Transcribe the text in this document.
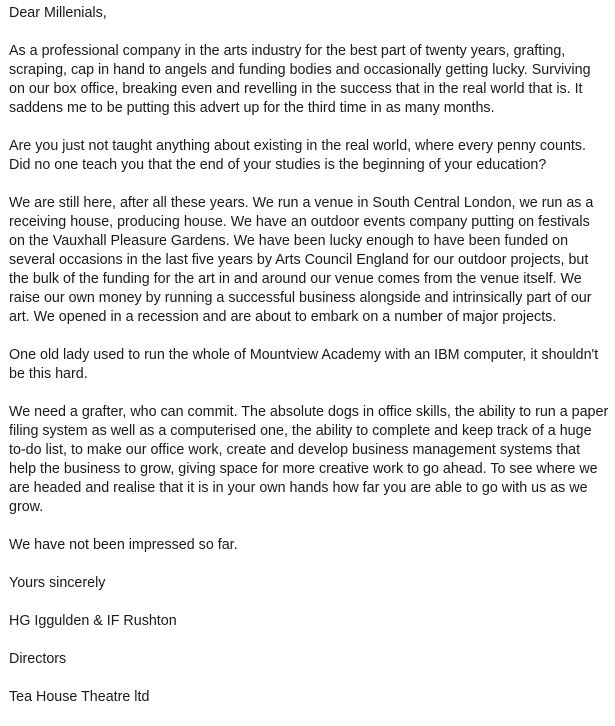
Dear Millenials,

As a professional company in the arts industry for the best part of twenty years, grafting, scraping, cap in hand to angels and funding bodies and occasionally getting lucky. Surviving on our box office, breaking even and revelling in the success that in the real world that is. It saddens me to be putting this advert up for the third time in as many months.

Are you just not taught anything about existing in the real world, where every penny counts. Did no one teach you that the end of your studies is the beginning of your education?

We are still here, after all these years. We run a venue in South Central London, we run as a receiving house, producing house. We have an outdoor events company putting on festivals on the Vauxhall Pleasure Gardens. We have been lucky enough to have been funded on several occasions in the last five years by Arts Council England for our outdoor projects, but the bulk of the funding for the art in and around our venue comes from the venue itself. We raise our own money by running a successful business alongside and intrinsically part of our art. We opened in a recession and are about to embark on a number of major projects.

One old lady used to run the whole of Mountview Academy with an IBM computer, it shouldn't be this hard.

We need a grafter, who can commit. The absolute dogs in office skills, the ability to run a paper filing system as well as a computerised one, the ability to complete and keep track of a huge to-do list, to make our office work, create and develop business management systems that help the business to grow, giving space for more creative work to go ahead. To see where we are headed and realise that it is in your own hands how far you are able to go with us as we grow.

We have not been impressed so far.

Yours sincerely

HG Iggulden & IF Rushton

Directors

Tea House Theatre ltd
